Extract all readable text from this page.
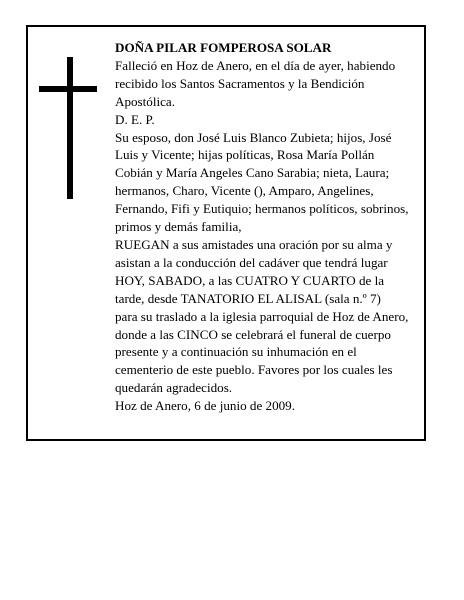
DOÑA PILAR FOMPEROSA SOLAR
Falleció en Hoz de Anero, en el día de ayer, habiendo
recibido los Santos Sacramentos y la Bendición
Apostólica.
D. E. P.
Su esposo, don José Luis Blanco Zubieta; hijos, José
Luis y Vicente; hijas políticas, Rosa María Pollán
Cobián y María Angeles Cano Sarabia; nieta, Laura;
hermanos, Charo, Vicente (), Amparo, Angelines,
Fernando, Fifi y Eutiquio; hermanos políticos, sobrinos,
primos y demás familia,
RUEGAN a sus amistades una oración por su alma y
asistan a la conducción del cadáver que tendrá lugar
HOY, SABADO, a las CUATRO Y CUARTO de la
tarde, desde TANATORIO EL ALISAL (sala n.º 7)
para su traslado a la iglesia parroquial de Hoz de Anero,
donde a las CINCO se celebrará el funeral de cuerpo
presente y a continuación su inhumación en el
cementerio de este pueblo. Favores por los cuales les
quedarán agradecidos.
Hoz de Anero, 6 de junio de 2009.
